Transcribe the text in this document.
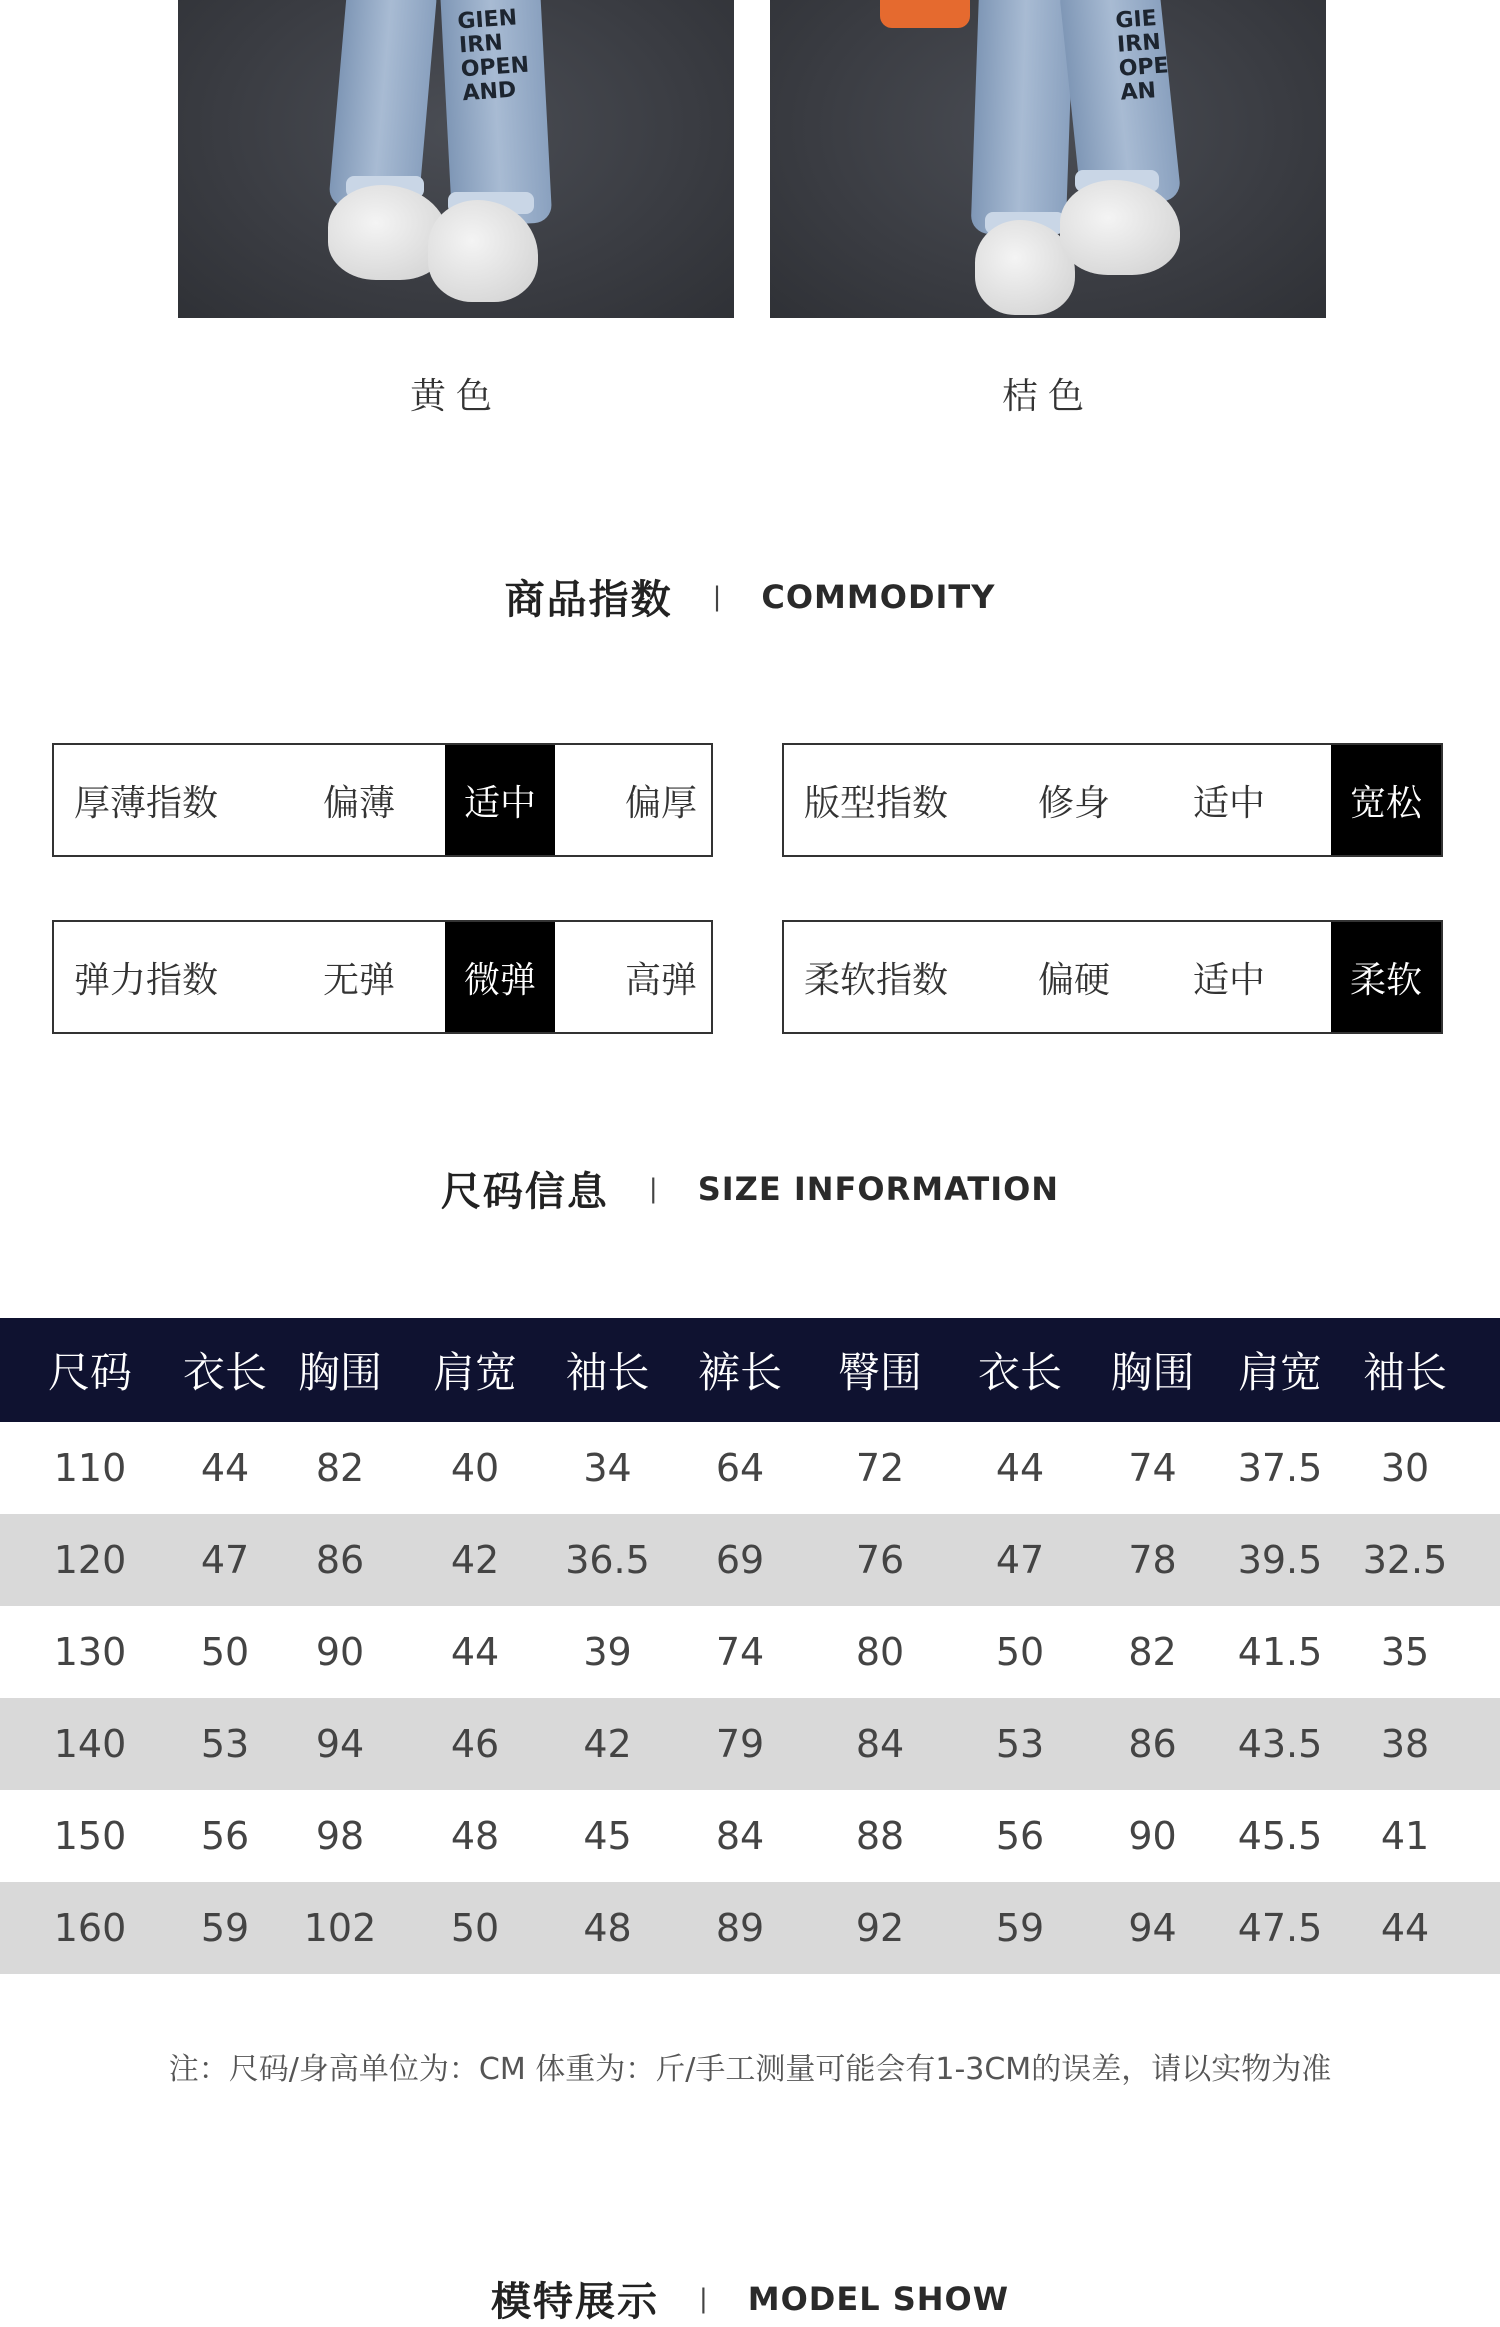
GIEN
IRN
OPEN
AND
GIE
IRN
OPE
AN
黄色	桔色
商品指数 | COMMODITY
厚薄指数	偏薄	适中	偏厚	版型指数	修身	适中	宽松
弹力指数	无弹	微弹	高弹	柔软指数	偏硬	适中	柔软
尺码信息 | SIZE INFORMATION
尺码	衣长 胸围	肩宽	袖长	裤长	臀围	衣长	胸围	肩宽 袖长
110	44	82	40	34	64	72	44	74	37.5	30
120	47	86	42	36.5	69	76	47	78	39.5	32.5
130	50	90	44	39	74	80	50	82	41.5	35
140	53	94	46	42	79	84	53	86	43.5	38
150	56	98	48	45	84	88	56	90	45.5	41
160	59	102	50	48	89	92	59	94	47.5	44
注：尺码/身高单位为：CM 体重为：斤/手工测量可能会有1-3CM的误差，请以实物为准
模特展示 | MODEL SHOW
